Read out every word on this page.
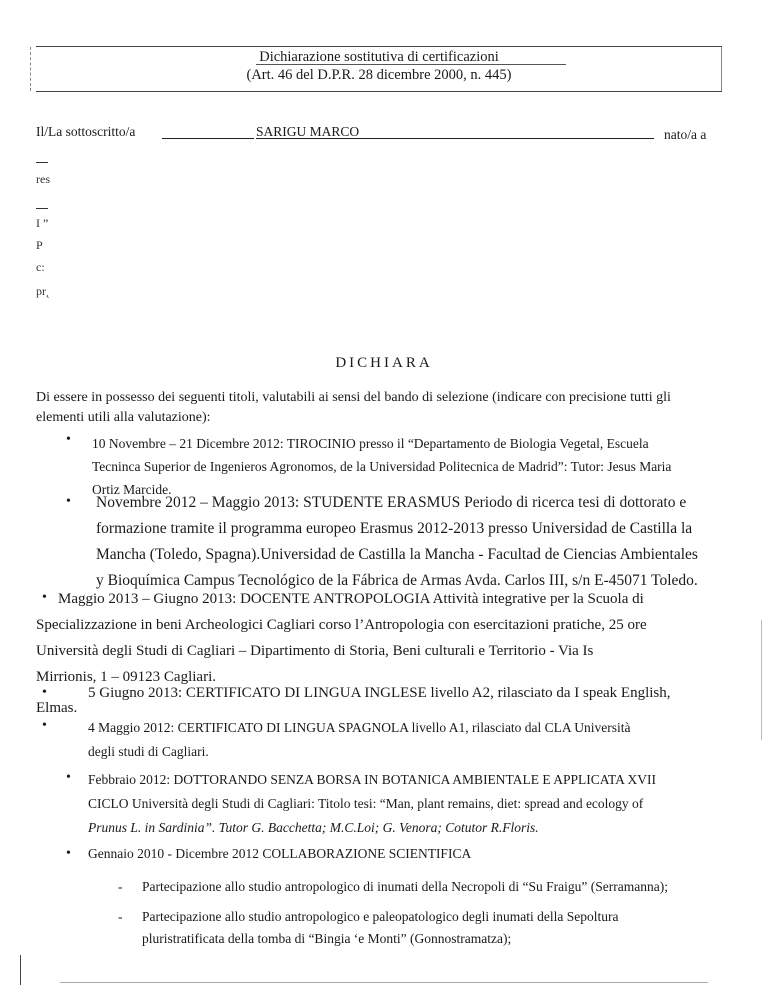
Dichiarazione sostitutiva di certificazioni
(Art. 46 del D.P.R. 28 dicembre 2000, n. 445)
Il/La sottoscritto/a	SARIGU MARCO	nato/a a
res
I ”
P
c:
pr˛
DICHIARA
Di essere in possesso dei seguenti titoli, valutabili ai sensi del bando di selezione (indicare con precisione tutti gli elementi utili alla valutazione):
• 10 Novembre – 21 Dicembre 2012: TIROCINIO presso il “Departamento de Biologia Vegetal, Escuela
Tecninca Superior de Ingenieros Agronomos, de la Universidad Politecnica de Madrid”: Tutor: Jesus Maria
Ortiz Marcide.
• Novembre 2012 – Maggio 2013: STUDENTE ERASMUS Periodo di ricerca tesi di dottorato e
formazione tramite il programma europeo Erasmus 2012-2013 presso Universidad de Castilla la
Mancha (Toledo, Spagna).Universidad de Castilla la Mancha - Facultad de Ciencias Ambientales
y Bioquímica Campus Tecnológico de la Fábrica de Armas Avda. Carlos III, s/n E-45071 Toledo.
• Maggio 2013 – Giugno 2013: DOCENTE ANTROPOLOGIA Attività integrative per la Scuola di
Specializzazione in beni Archeologici Cagliari corso l’Antropologia con esercitazioni pratiche, 25 ore
Università degli Studi di Cagliari – Dipartimento di Storia, Beni culturali e Territorio - Via Is
Mirrionis, 1 – 09123 Cagliari.
•	5 Giugno 2013: CERTIFICATO DI LINGUA INGLESE livello A2, rilasciato da I speak English,
Elmas.
•	4 Maggio 2012: CERTIFICATO DI LINGUA SPAGNOLA livello A1, rilasciato dal CLA Università
degli studi di Cagliari.
• Febbraio 2012: DOTTORANDO SENZA BORSA IN BOTANICA AMBIENTALE E APPLICATA XVII
CICLO Università degli Studi di Cagliari: Titolo tesi: “Man, plant remains, diet: spread and ecology of
Prunus L. in Sardinia”. Tutor G. Bacchetta; M.C.Loi; G. Venora; Cotutor R.Floris.
• Gennaio 2010 - Dicembre 2012 COLLABORAZIONE SCIENTIFICA
- Partecipazione allo studio antropologico di inumati della Necropoli di “Su Fraigu” (Serramanna);
- Partecipazione allo studio antropologico e paleopatologico degli inumati della Sepoltura
pluristratificata della tomba di “Bingia ‘e Monti” (Gonnostramatza);
